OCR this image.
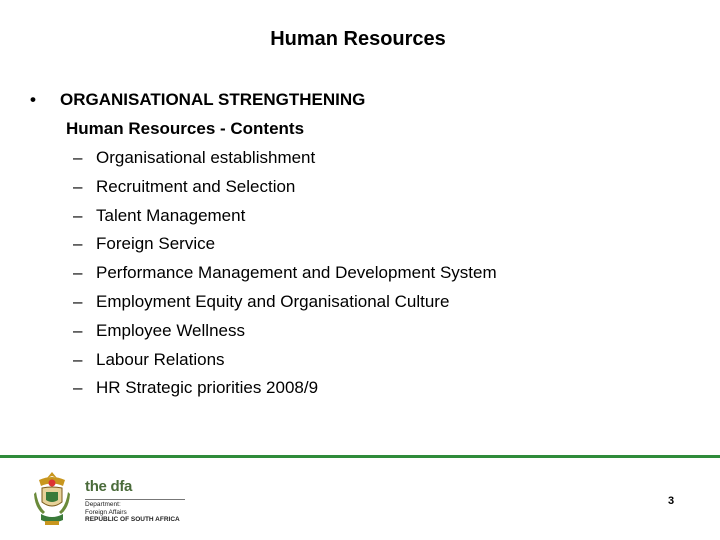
Human Resources
• ORGANISATIONAL STRENGTHENING
Human Resources - Contents
– Organisational establishment
– Recruitment and Selection
– Talent Management
– Foreign Service
– Performance Management and Development System
– Employment Equity and Organisational Culture
– Employee Wellness
– Labour Relations
– HR Strategic priorities 2008/9
the dfa
Department:
Foreign Affairs
REPUBLIC OF SOUTH AFRICA
3
